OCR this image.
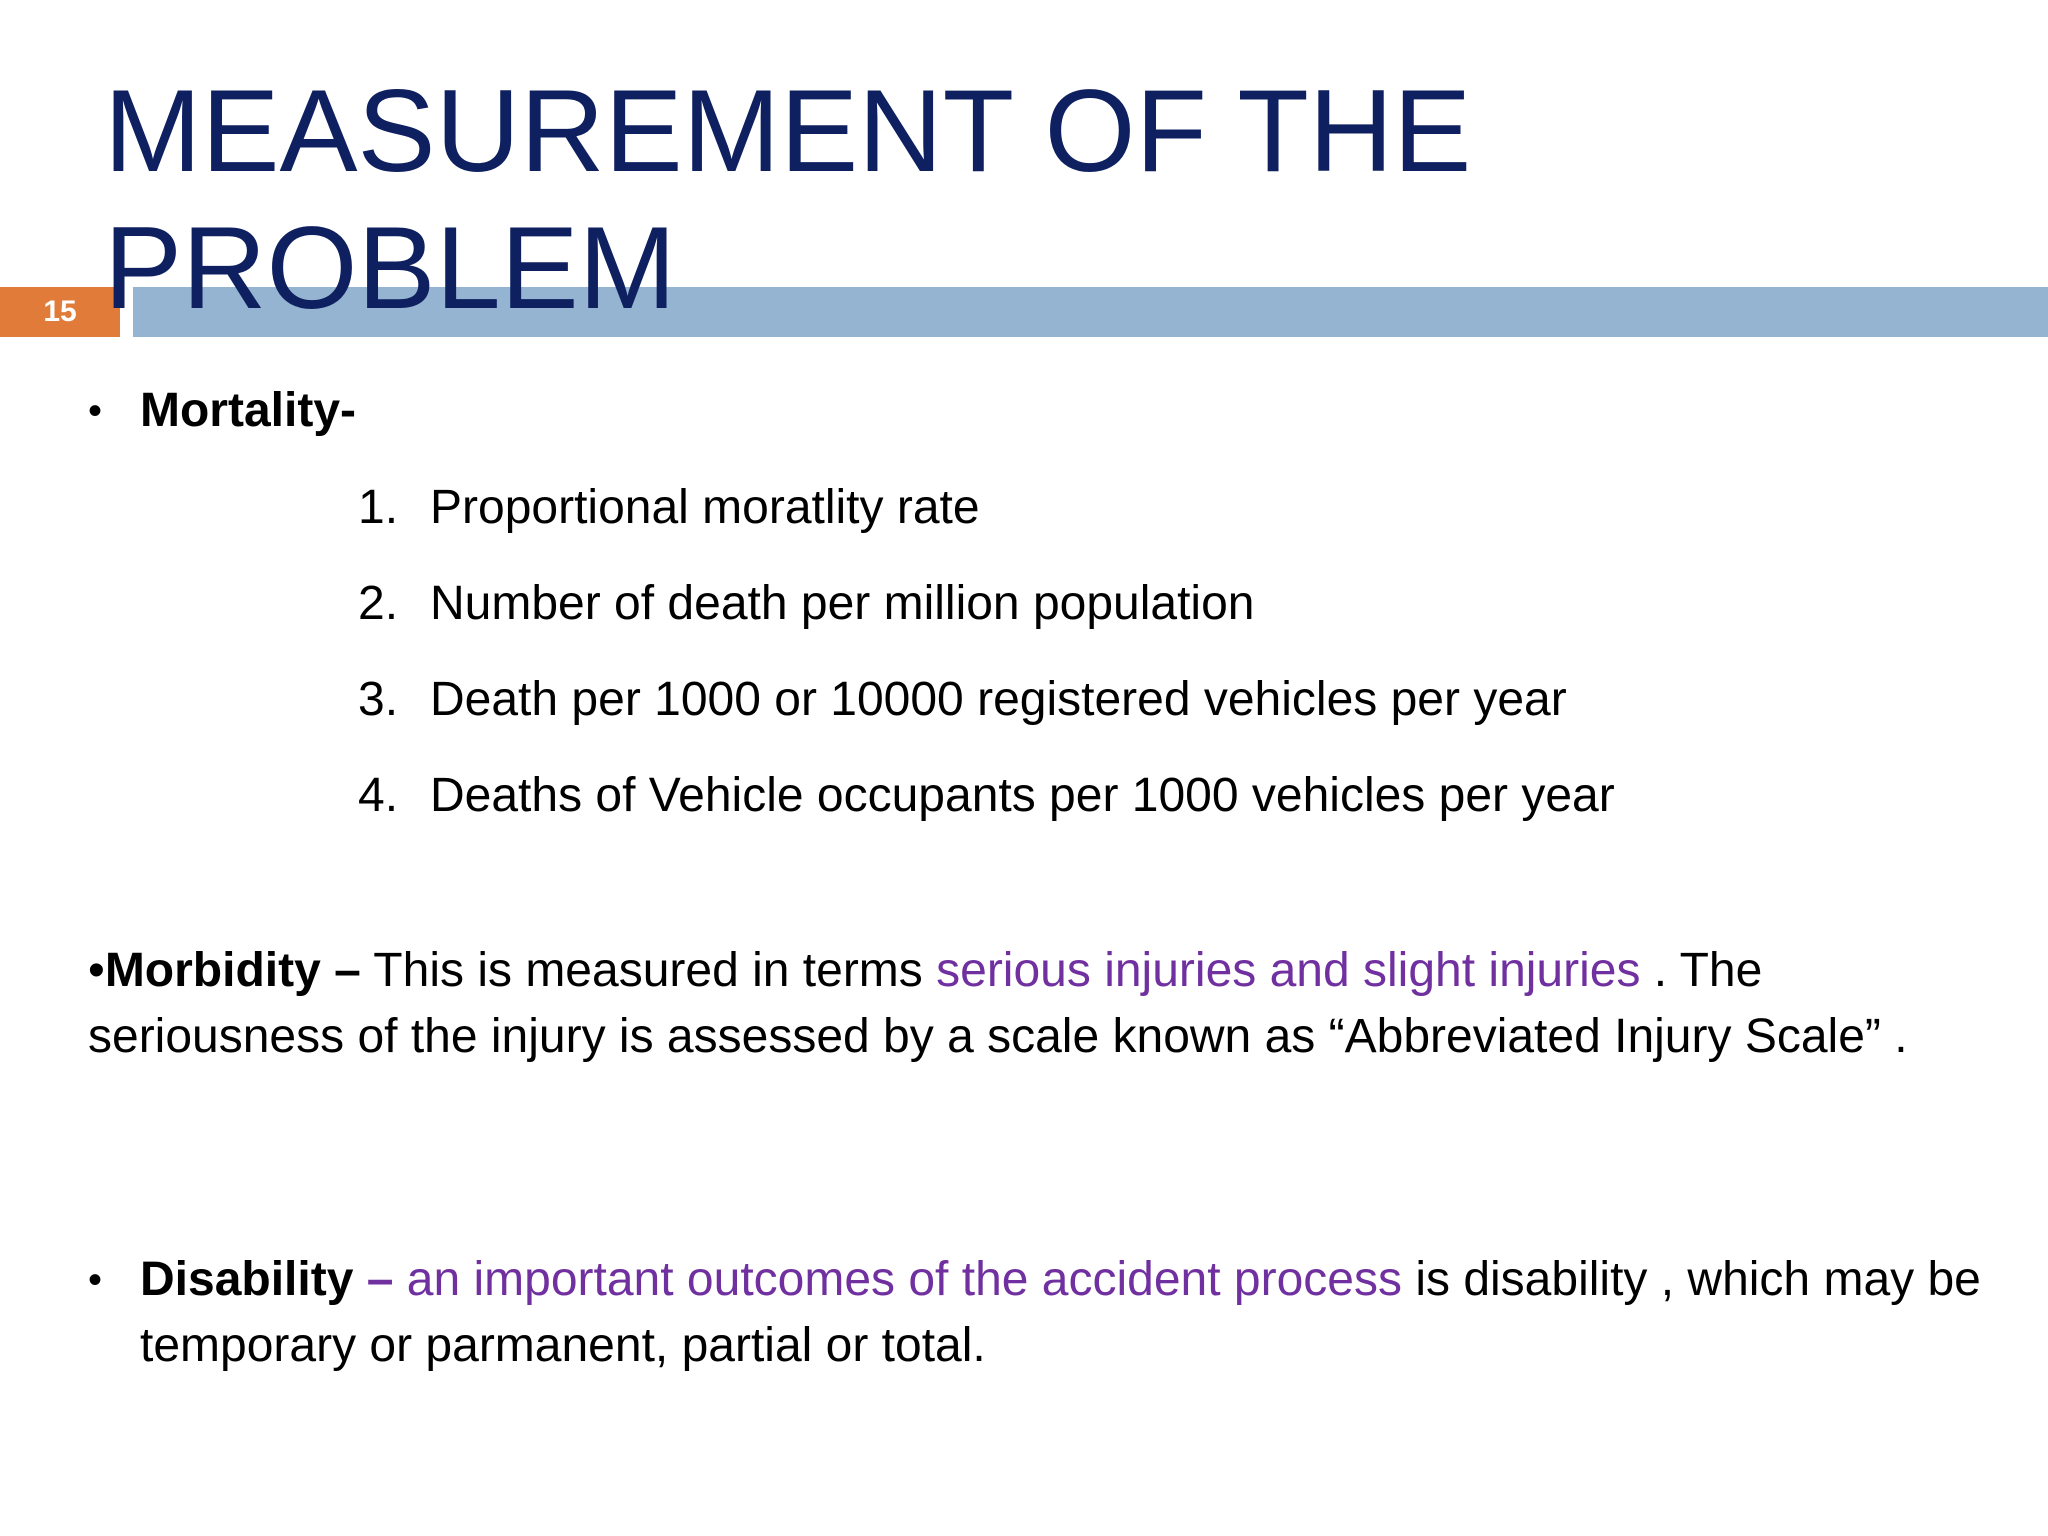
15
MEASUREMENT OF THE
PROBLEM
• Mortality-
1. Proportional moratlity rate
2. Number of death per million population
3. Death per 1000 or 10000 registered vehicles per year
4. Deaths of Vehicle occupants per 1000 vehicles per year

•Morbidity – This is measured in terms serious injuries and slight injuries . The seriousness of the injury is assessed by a scale known as “Abbreviated Injury Scale” .

• Disability – an important outcomes of the accident process is disability , which may be temporary or parmanent, partial or total.
